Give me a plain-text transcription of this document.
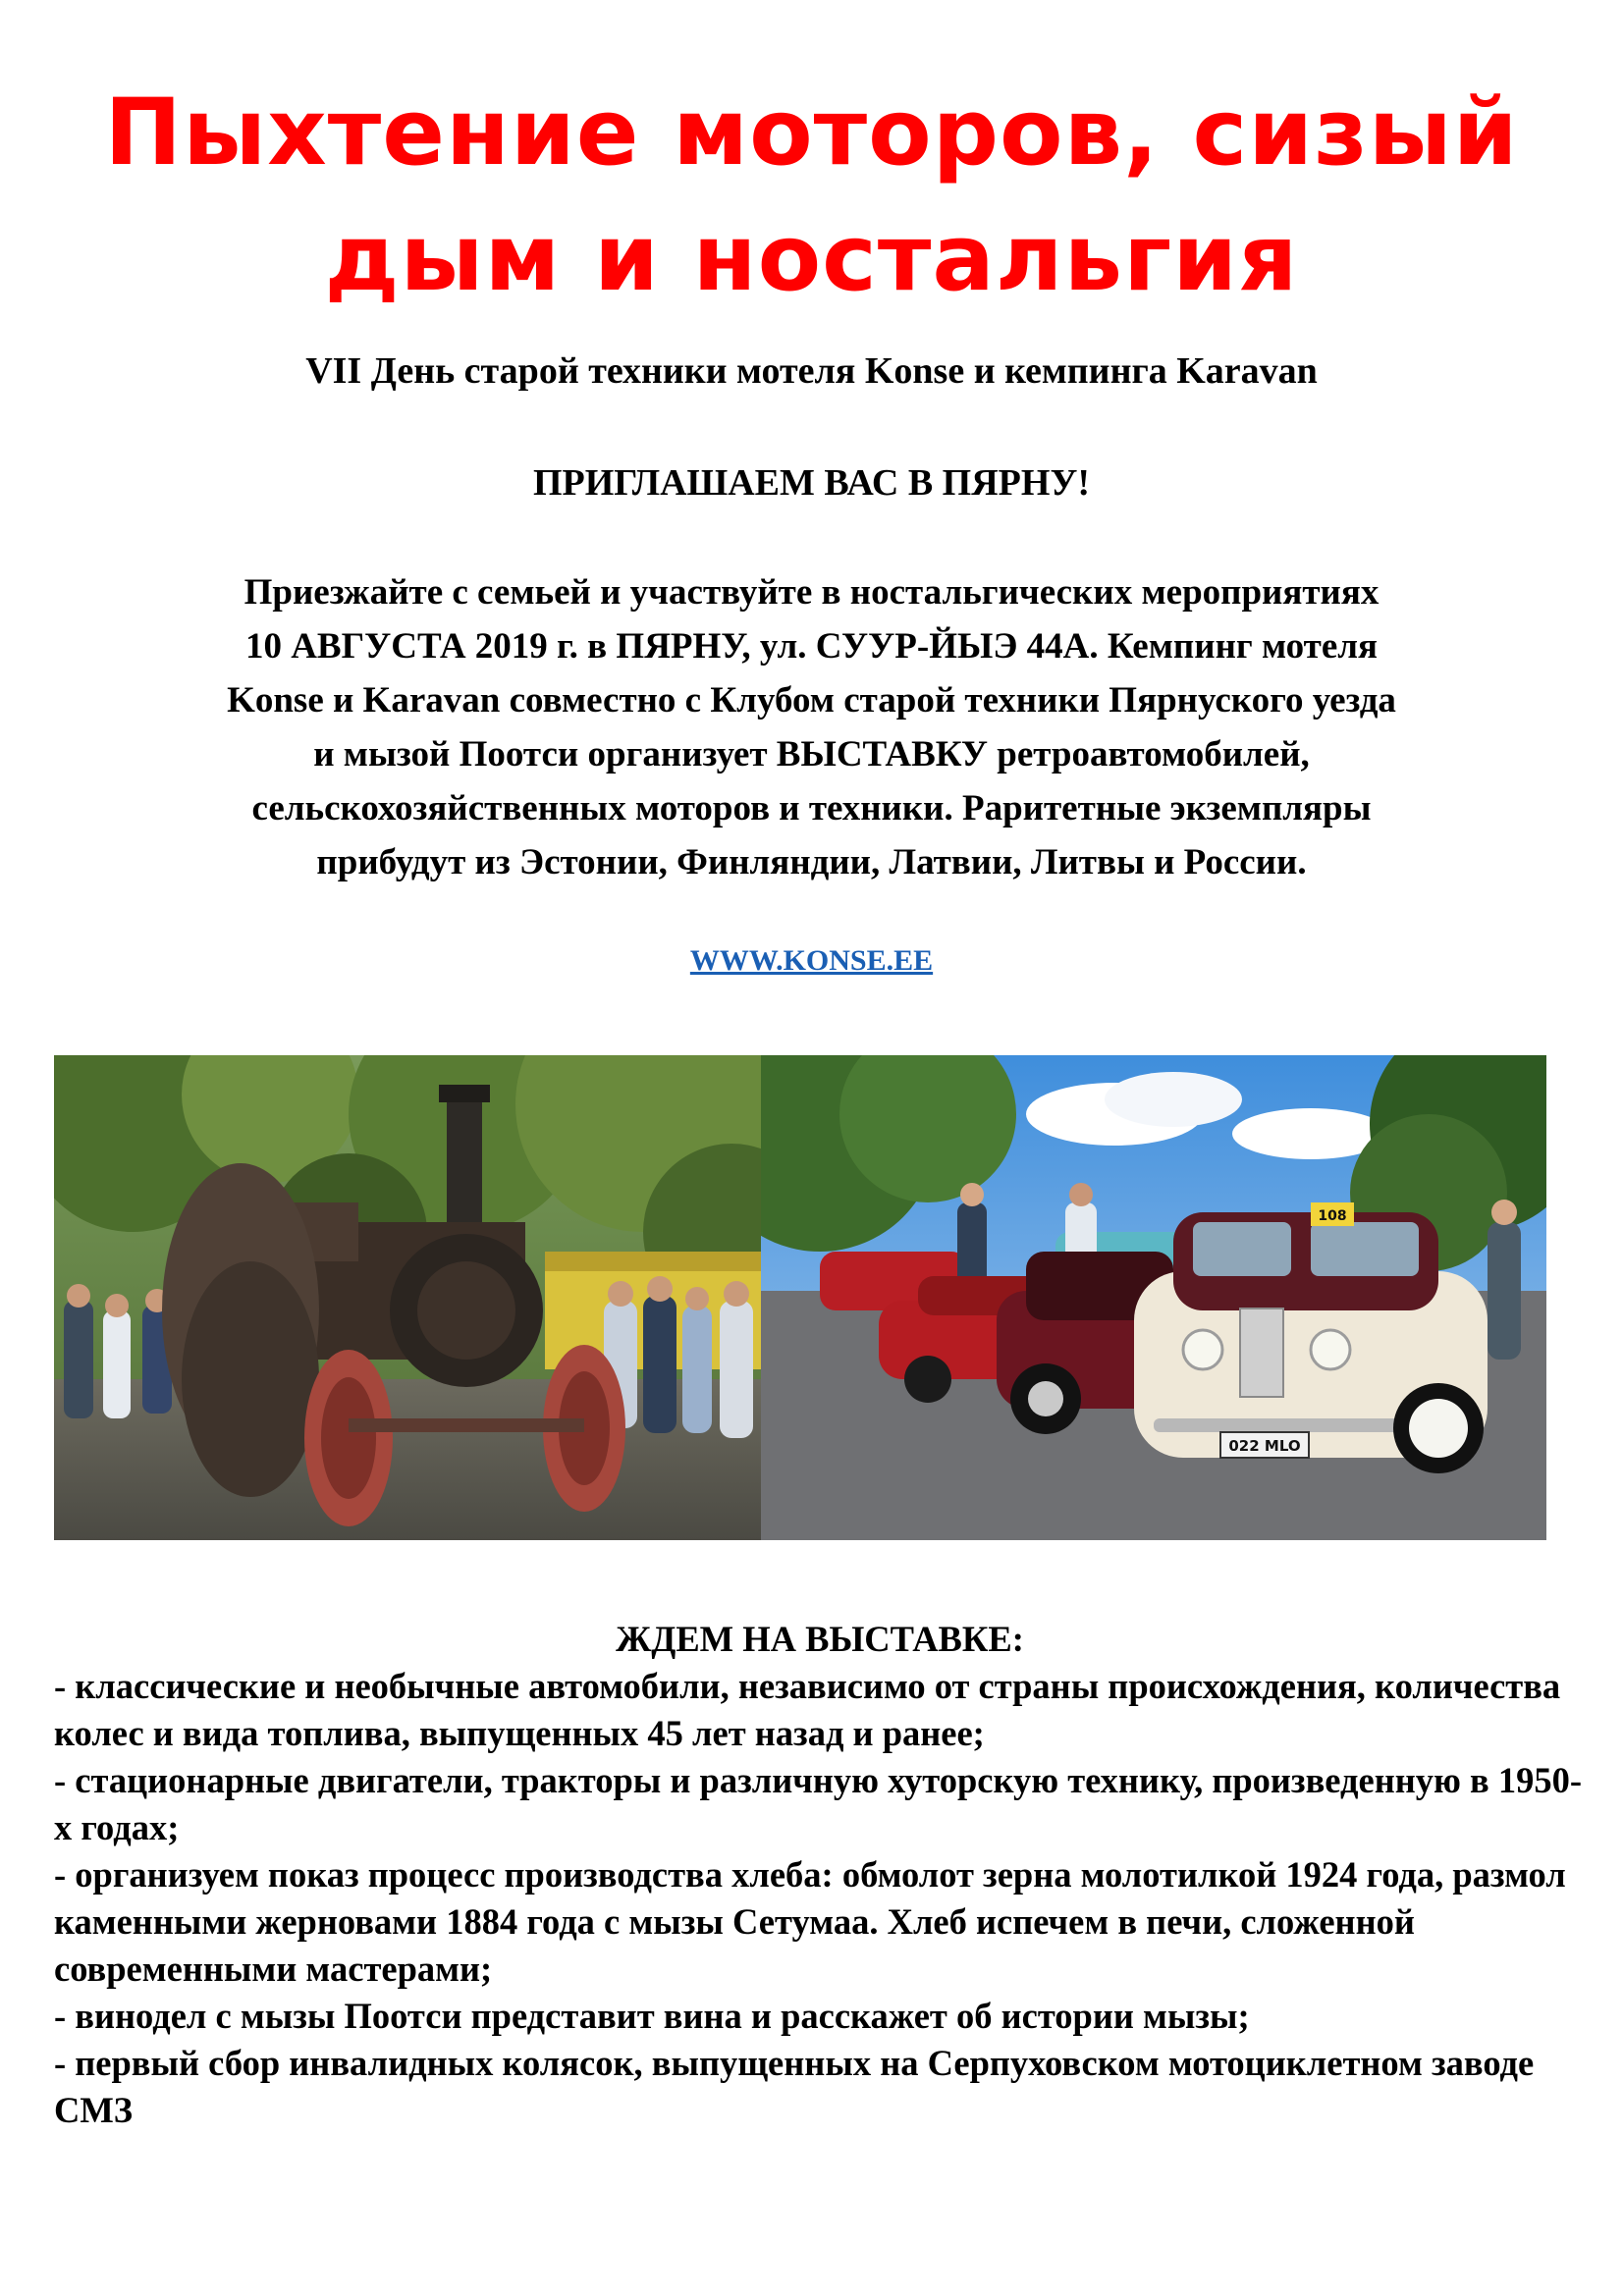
Пыхтение моторов, сизый
дым и ностальгия
VII День старой техники мотеля Konse и кемпинга Karavan
ПРИГЛАШАЕМ ВАС В ПЯРНУ!
Приезжайте с семьей и участвуйте в ностальгических мероприятиях
10 АВГУСТА 2019 г. в ПЯРНУ, ул. СУУР-ЙЫЭ 44А. Кемпинг мотеля
Konse и Karavan совместно с Клубом старой техники Пярнуского уезда
и мызой Поотси организует ВЫСТАВКУ ретроавтомобилей,
сельскохозяйственных моторов и техники. Раритетные экземпляры
прибудут из Эстонии, Финляндии, Латвии, Литвы и России.
WWW.KONSE.EE
022 MLO
108
ЖДЕМ НА ВЫСТАВКЕ:
- классические и необычные автомобили, независимо от страны происхождения, количества колес и вида топлива, выпущенных 45 лет назад и ранее;
- стационарные двигатели, тракторы и различную хуторскую технику, произведенную в 1950-х годах;
- организуем показ процесс производства хлеба: обмолот зерна молотилкой 1924 года, размол каменными жерновами 1884 года с мызы Сетумаа. Хлеб испечем в печи, сложенной современными мастерами;
- винодел с мызы Поотси представит вина и расскажет об истории мызы;
- первый сбор инвалидных колясок, выпущенных на Серпуховском мотоциклетном заводе СМЗ
